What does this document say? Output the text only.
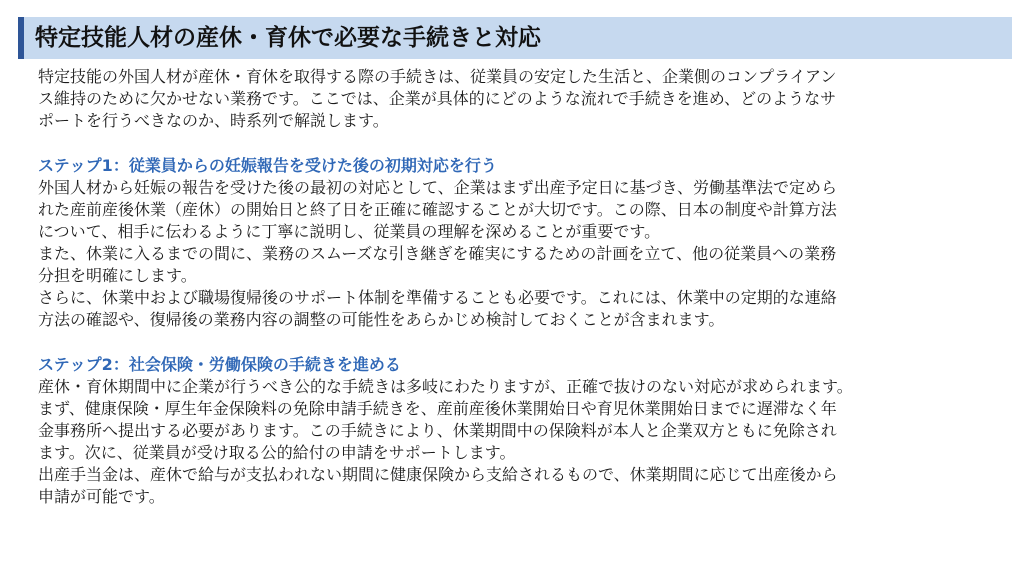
特定技能人材の産休・育休で必要な手続きと対応

特定技能の外国人材が産休・育休を取得する際の手続きは、従業員の安定した生活と、企業側のコンプライアン

ス維持のために欠かせない業務です。ここでは、企業が具体的にどのような流れで手続きを進め、どのようなサ

ポートを行うべきなのか、時系列で解説します。

ステップ1：従業員からの妊娠報告を受けた後の初期対応を行う

外国人材から妊娠の報告を受けた後の最初の対応として、企業はまず出産予定日に基づき、労働基準法で定めら

れた産前産後休業（産休）の開始日と終了日を正確に確認することが大切です。この際、日本の制度や計算方法

について、相手に伝わるように丁寧に説明し、従業員の理解を深めることが重要です。

また、休業に入るまでの間に、業務のスムーズな引き継ぎを確実にするための計画を立て、他の従業員への業務

分担を明確にします。

さらに、休業中および職場復帰後のサポート体制を準備することも必要です。これには、休業中の定期的な連絡

方法の確認や、復帰後の業務内容の調整の可能性をあらかじめ検討しておくことが含まれます。

ステップ2：社会保険・労働保険の手続きを進める

産休・育休期間中に企業が行うべき公的な手続きは多岐にわたりますが、正確で抜けのない対応が求められます。

まず、健康保険・厚生年金保険料の免除申請手続きを、産前産後休業開始日や育児休業開始日までに遅滞なく年

金事務所へ提出する必要があります。この手続きにより、休業期間中の保険料が本人と企業双方ともに免除され

ます。次に、従業員が受け取る公的給付の申請をサポートします。

出産手当金は、産休で給与が支払われない期間に健康保険から支給されるもので、休業期間に応じて出産後から

申請が可能です。
